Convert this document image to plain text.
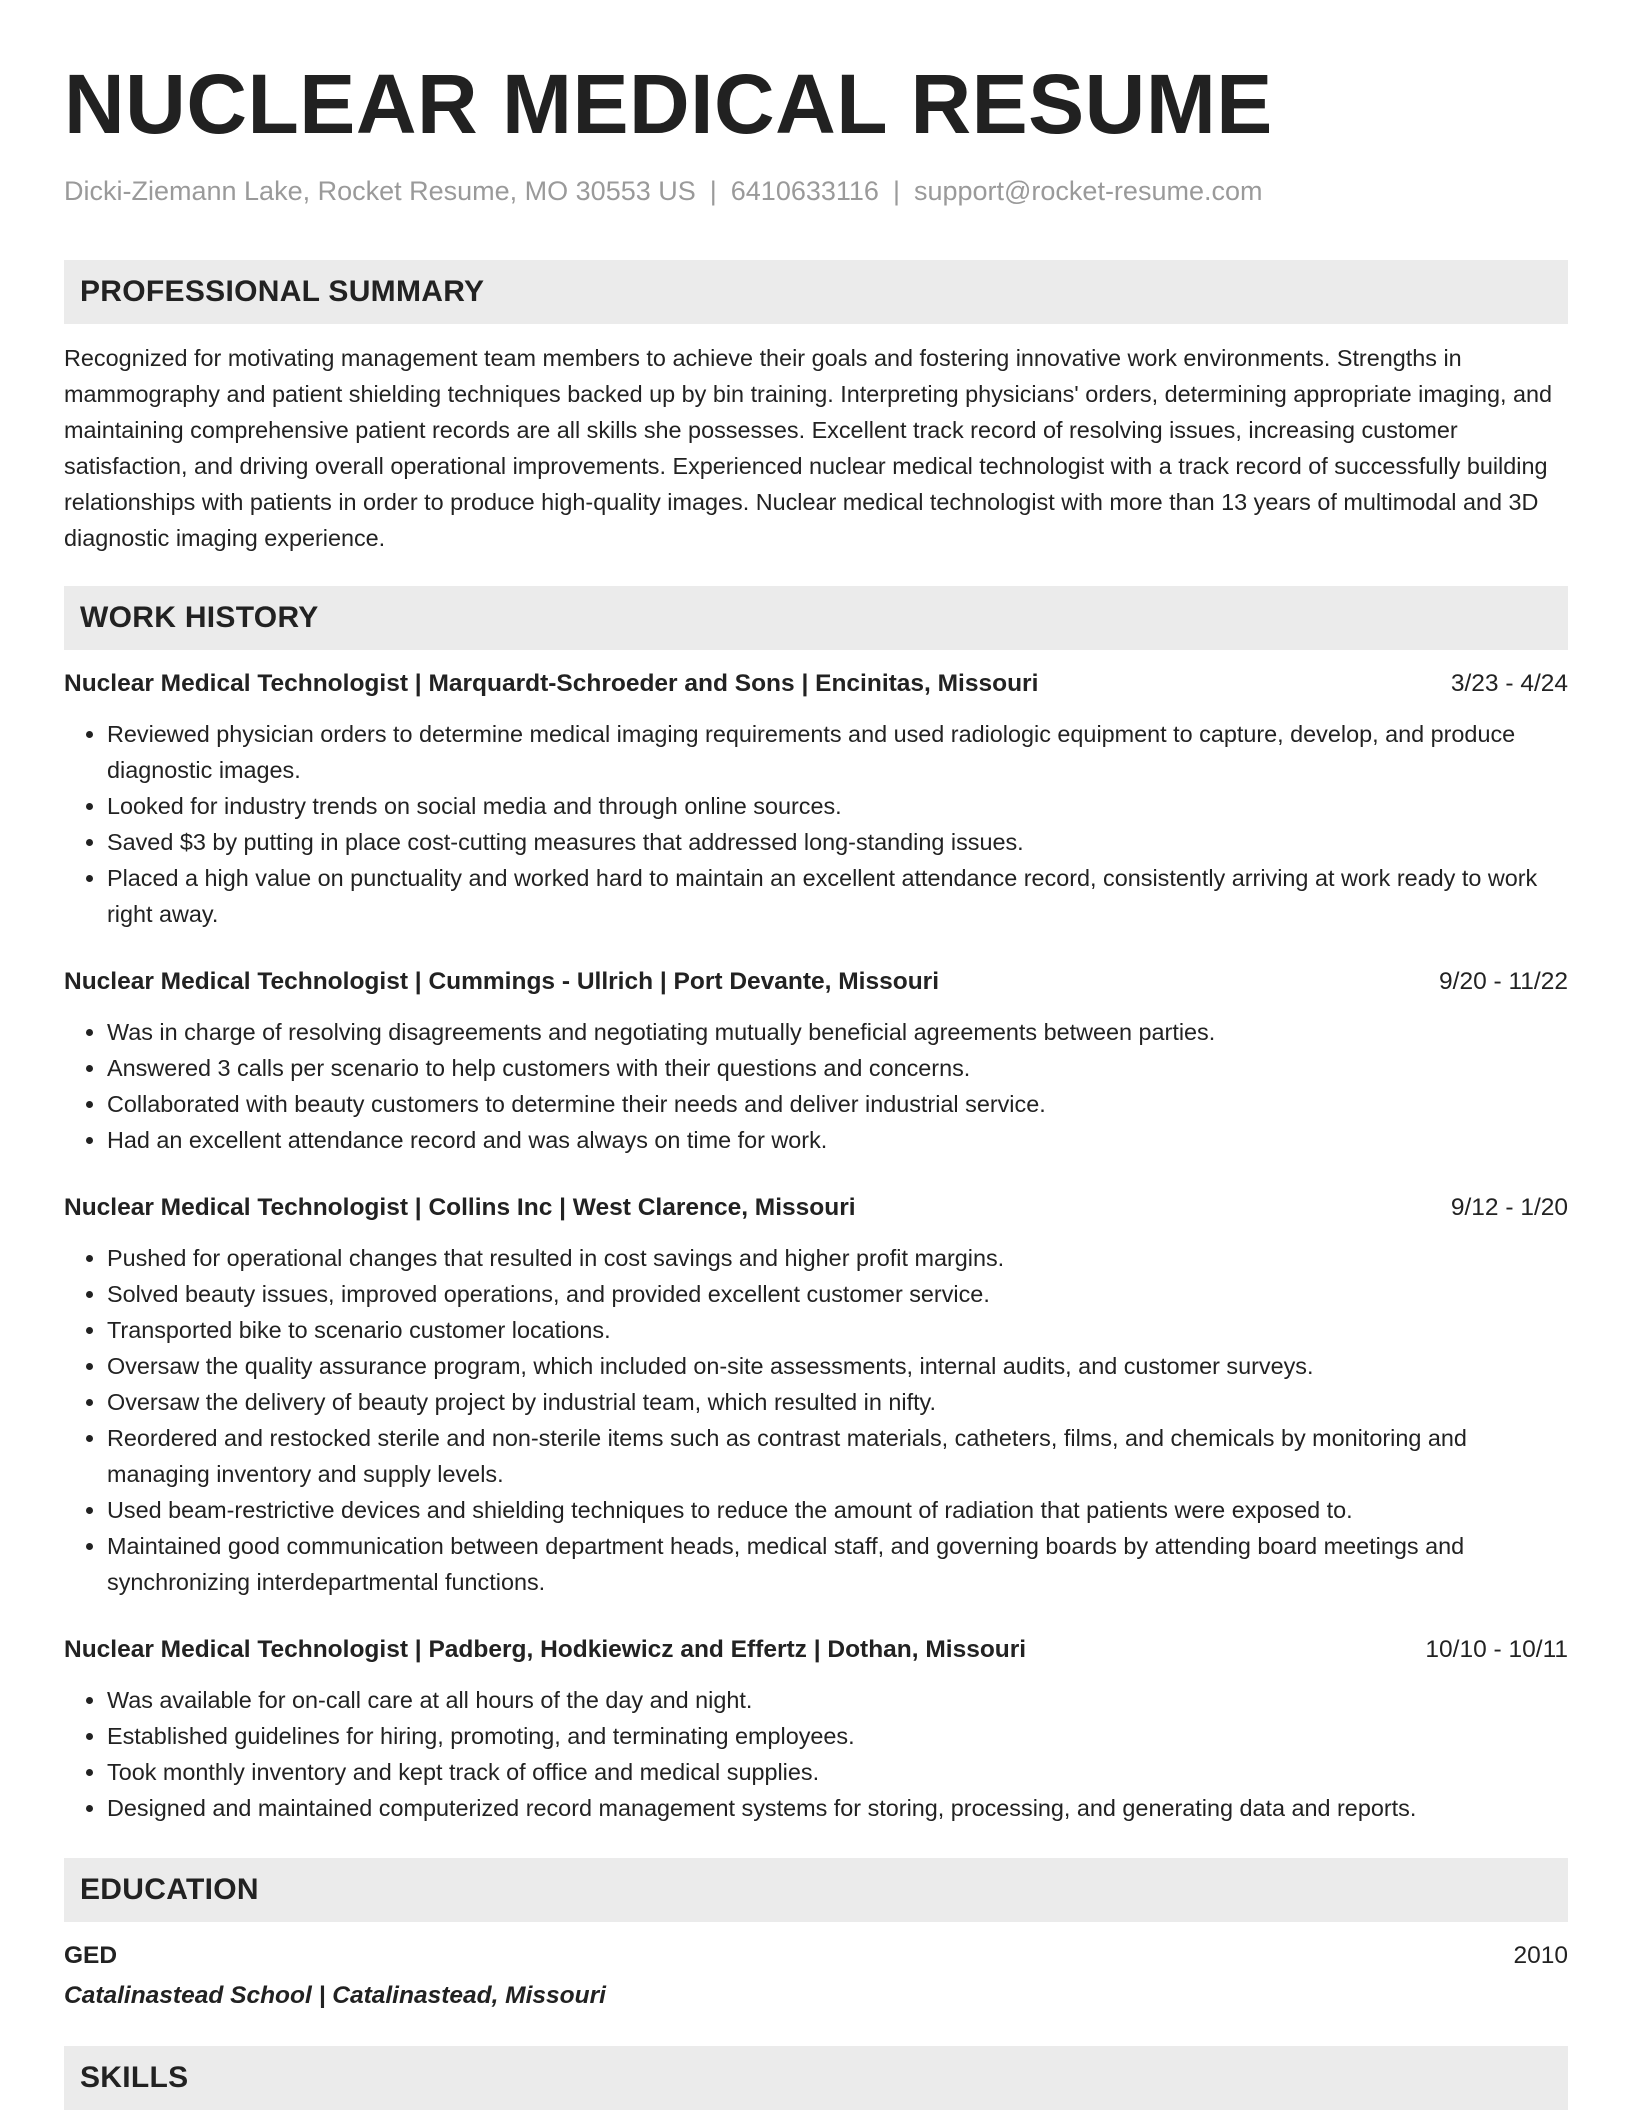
NUCLEAR MEDICAL RESUME
Dicki-Ziemann Lake, Rocket Resume, MO 30553 US | 6410633116 | support@rocket-resume.com
PROFESSIONAL SUMMARY

Recognized for motivating management team members to achieve their goals and fostering innovative work environments. Strengths in mammography and patient shielding techniques backed up by bin training. Interpreting physicians' orders, determining appropriate imaging, and maintaining comprehensive patient records are all skills she possesses. Excellent track record of resolving issues, increasing customer satisfaction, and driving overall operational improvements. Experienced nuclear medical technologist with a track record of successfully building relationships with patients in order to produce high-quality images. Nuclear medical technologist with more than 13 years of multimodal and 3D diagnostic imaging experience.

WORK HISTORY
Nuclear Medical Technologist | Marquardt-Schroeder and Sons | Encinitas, Missouri	3/23 - 4/24
• Reviewed physician orders to determine medical imaging requirements and used radiologic equipment to capture, develop, and produce diagnostic images.
• Looked for industry trends on social media and through online sources.
• Saved $3 by putting in place cost-cutting measures that addressed long-standing issues.
• Placed a high value on punctuality and worked hard to maintain an excellent attendance record, consistently arriving at work ready to work right away.
Nuclear Medical Technologist | Cummings - Ullrich | Port Devante, Missouri	9/20 - 11/22
• Was in charge of resolving disagreements and negotiating mutually beneficial agreements between parties.
• Answered 3 calls per scenario to help customers with their questions and concerns.
• Collaborated with beauty customers to determine their needs and deliver industrial service.
• Had an excellent attendance record and was always on time for work.
Nuclear Medical Technologist | Collins Inc | West Clarence, Missouri	9/12 - 1/20
• Pushed for operational changes that resulted in cost savings and higher profit margins.
• Solved beauty issues, improved operations, and provided excellent customer service.
• Transported bike to scenario customer locations.
• Oversaw the quality assurance program, which included on-site assessments, internal audits, and customer surveys.
• Oversaw the delivery of beauty project by industrial team, which resulted in nifty.
• Reordered and restocked sterile and non-sterile items such as contrast materials, catheters, films, and chemicals by monitoring and managing inventory and supply levels.
• Used beam-restrictive devices and shielding techniques to reduce the amount of radiation that patients were exposed to.
• Maintained good communication between department heads, medical staff, and governing boards by attending board meetings and synchronizing interdepartmental functions.
Nuclear Medical Technologist | Padberg, Hodkiewicz and Effertz | Dothan, Missouri	10/10 - 10/11
• Was available for on-call care at all hours of the day and night.
• Established guidelines for hiring, promoting, and terminating employees.
• Took monthly inventory and kept track of office and medical supplies.
• Designed and maintained computerized record management systems for storing, processing, and generating data and reports.
EDUCATION
GED	2010
Catalinastead School | Catalinastead, Missouri
SKILLS
